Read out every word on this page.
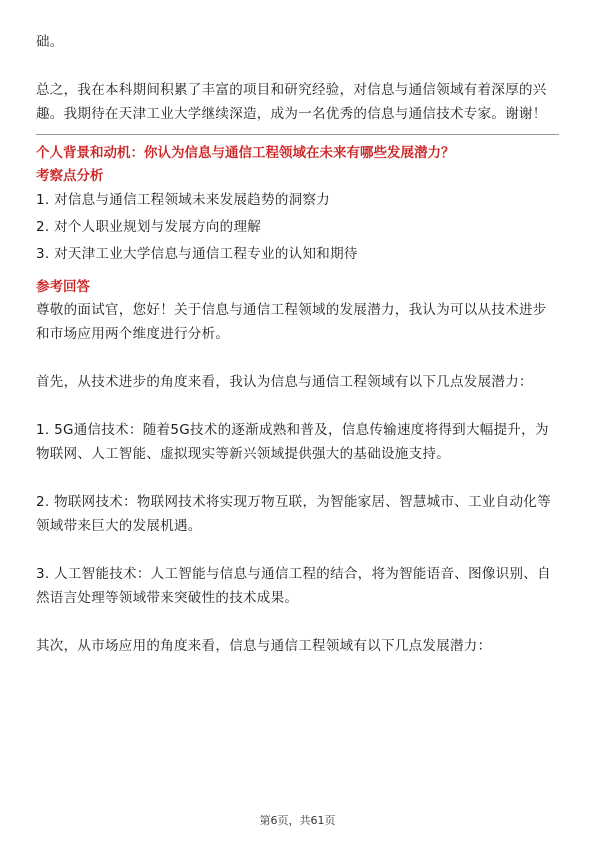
础。

总之，我在本科期间积累了丰富的项目和研究经验，对信息与通信领域有着深厚的兴趣。我期待在天津工业大学继续深造，成为一名优秀的信息与通信技术专家。谢谢！

个人背景和动机：你认为信息与通信工程领域在未来有哪些发展潜力？
考察点分析
1. 对信息与通信工程领域未来发展趋势的洞察力
2. 对个人职业规划与发展方向的理解
3. 对天津工业大学信息与通信工程专业的认知和期待
参考回答

尊敬的面试官，您好！关于信息与通信工程领域的发展潜力，我认为可以从技术进步和市场应用两个维度进行分析。

首先，从技术进步的角度来看，我认为信息与通信工程领域有以下几点发展潜力：

1. 5G通信技术：随着5G技术的逐渐成熟和普及，信息传输速度将得到大幅提升，为物联网、人工智能、虚拟现实等新兴领域提供强大的基础设施支持。

2. 物联网技术：物联网技术将实现万物互联，为智能家居、智慧城市、工业自动化等领域带来巨大的发展机遇。

3. 人工智能技术：人工智能与信息与通信工程的结合，将为智能语音、图像识别、自然语言处理等领域带来突破性的技术成果。

其次，从市场应用的角度来看，信息与通信工程领域有以下几点发展潜力：

第6页，共61页
